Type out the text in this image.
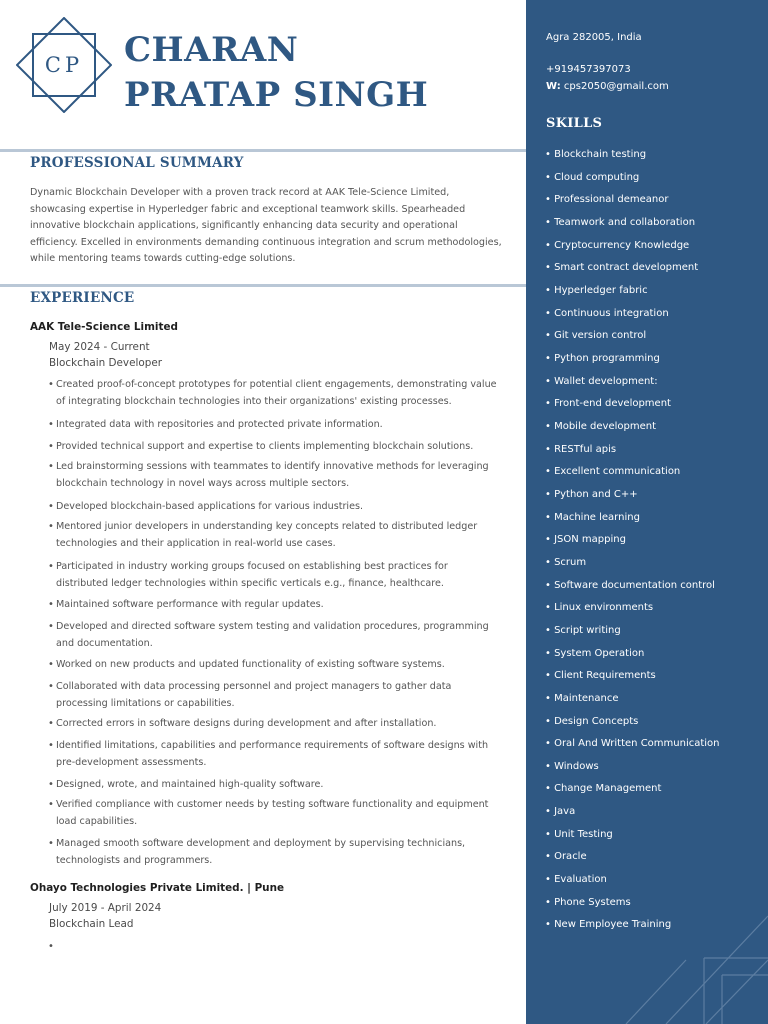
CP	CHARAN
PRATAP SINGH
PROFESSIONAL SUMMARY
Dynamic Blockchain Developer with a proven track record at AAK Tele-Science Limited,
showcasing expertise in Hyperledger fabric and exceptional teamwork skills. Spearheaded
innovative blockchain applications, significantly enhancing data security and operational
efficiency. Excelled in environments demanding continuous integration and scrum methodologies,
while mentoring teams towards cutting-edge solutions.
EXPERIENCE
AAK Tele-Science Limited
May 2024 - Current
Blockchain Developer
• Created proof-of-concept prototypes for potential client engagements, demonstrating value
of integrating blockchain technologies into their organizations' existing processes.
• Integrated data with repositories and protected private information.
• Provided technical support and expertise to clients implementing blockchain solutions.
• Led brainstorming sessions with teammates to identify innovative methods for leveraging
blockchain technology in novel ways across multiple sectors.
• Developed blockchain-based applications for various industries.
• Mentored junior developers in understanding key concepts related to distributed ledger
technologies and their application in real-world use cases.
• Participated in industry working groups focused on establishing best practices for
distributed ledger technologies within specific verticals e.g., finance, healthcare.
• Maintained software performance with regular updates.
• Developed and directed software system testing and validation procedures, programming
and documentation.
• Worked on new products and updated functionality of existing software systems.
• Collaborated with data processing personnel and project managers to gather data
processing limitations or capabilities.
• Corrected errors in software designs during development and after installation.
• Identified limitations, capabilities and performance requirements of software designs with
pre-development assessments.
• Designed, wrote, and maintained high-quality software.
• Verified compliance with customer needs by testing software functionality and equipment
load capabilities.
• Managed smooth software development and deployment by supervising technicians,
technologists and programmers.
Ohayo Technologies Private Limited. | Pune
July 2019 - April 2024
Blockchain Lead
•
Agra 282005, India
+919457397073
W: cps2050@gmail.com
SKILLS
• Blockchain testing
• Cloud computing
• Professional demeanor
• Teamwork and collaboration
• Cryptocurrency Knowledge
• Smart contract development
• Hyperledger fabric
• Continuous integration
• Git version control
• Python programming
• Wallet development:
• Front-end development
• Mobile development
• RESTful apis
• Excellent communication
• Python and C++
• Machine learning
• JSON mapping
• Scrum
• Software documentation control
• Linux environments
• Script writing
• System Operation
• Client Requirements
• Maintenance
• Design Concepts
• Oral And Written Communication
• Windows
• Change Management
• Java
• Unit Testing
• Oracle
• Evaluation
• Phone Systems
• New Employee Training
